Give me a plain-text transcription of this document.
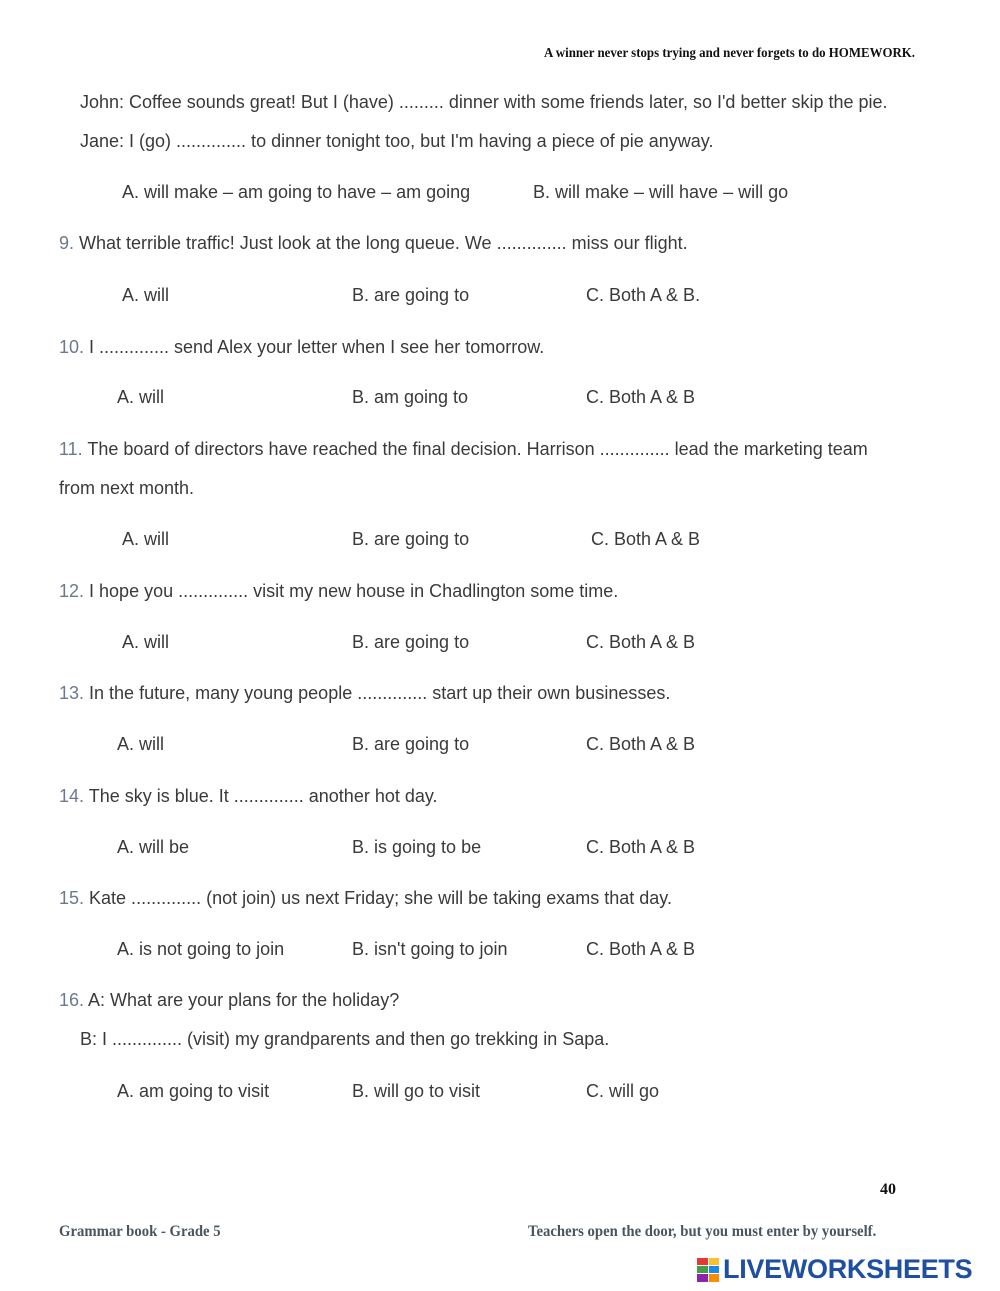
A winner never stops trying and never forgets to do HOMEWORK.
John: Coffee sounds great! But I (have) ......... dinner with some friends later, so I'd better skip the pie.
Jane: I (go) .............. to dinner tonight too, but I'm having a piece of pie anyway.
A. will make – am going to have – am going	B. will make – will have – will go
9. What terrible traffic! Just look at the long queue. We .............. miss our flight.
A. will	B. are going to	C. Both A & B.
10. I .............. send Alex your letter when I see her tomorrow.
A. will	B. am going to	C. Both A & B
11. The board of directors have reached the final decision. Harrison .............. lead the marketing team
from next month.
A. will	B. are going to	C. Both A & B
12. I hope you .............. visit my new house in Chadlington some time.
A. will	B. are going to	C. Both A & B
13. In the future, many young people .............. start up their own businesses.
A. will	B. are going to	C. Both A & B
14. The sky is blue. It .............. another hot day.
A. will be	B. is going to be	C. Both A & B
15. Kate .............. (not join) us next Friday; she will be taking exams that day.
A. is not going to join	B. isn't going to join	C. Both A & B
16. A: What are your plans for the holiday?
B: I .............. (visit) my grandparents and then go trekking in Sapa.
A. am going to visit	B. will go to visit	C. will go
40
Grammar book - Grade 5	Teachers open the door, but you must enter by yourself.
LIVEWORKSHEETS
